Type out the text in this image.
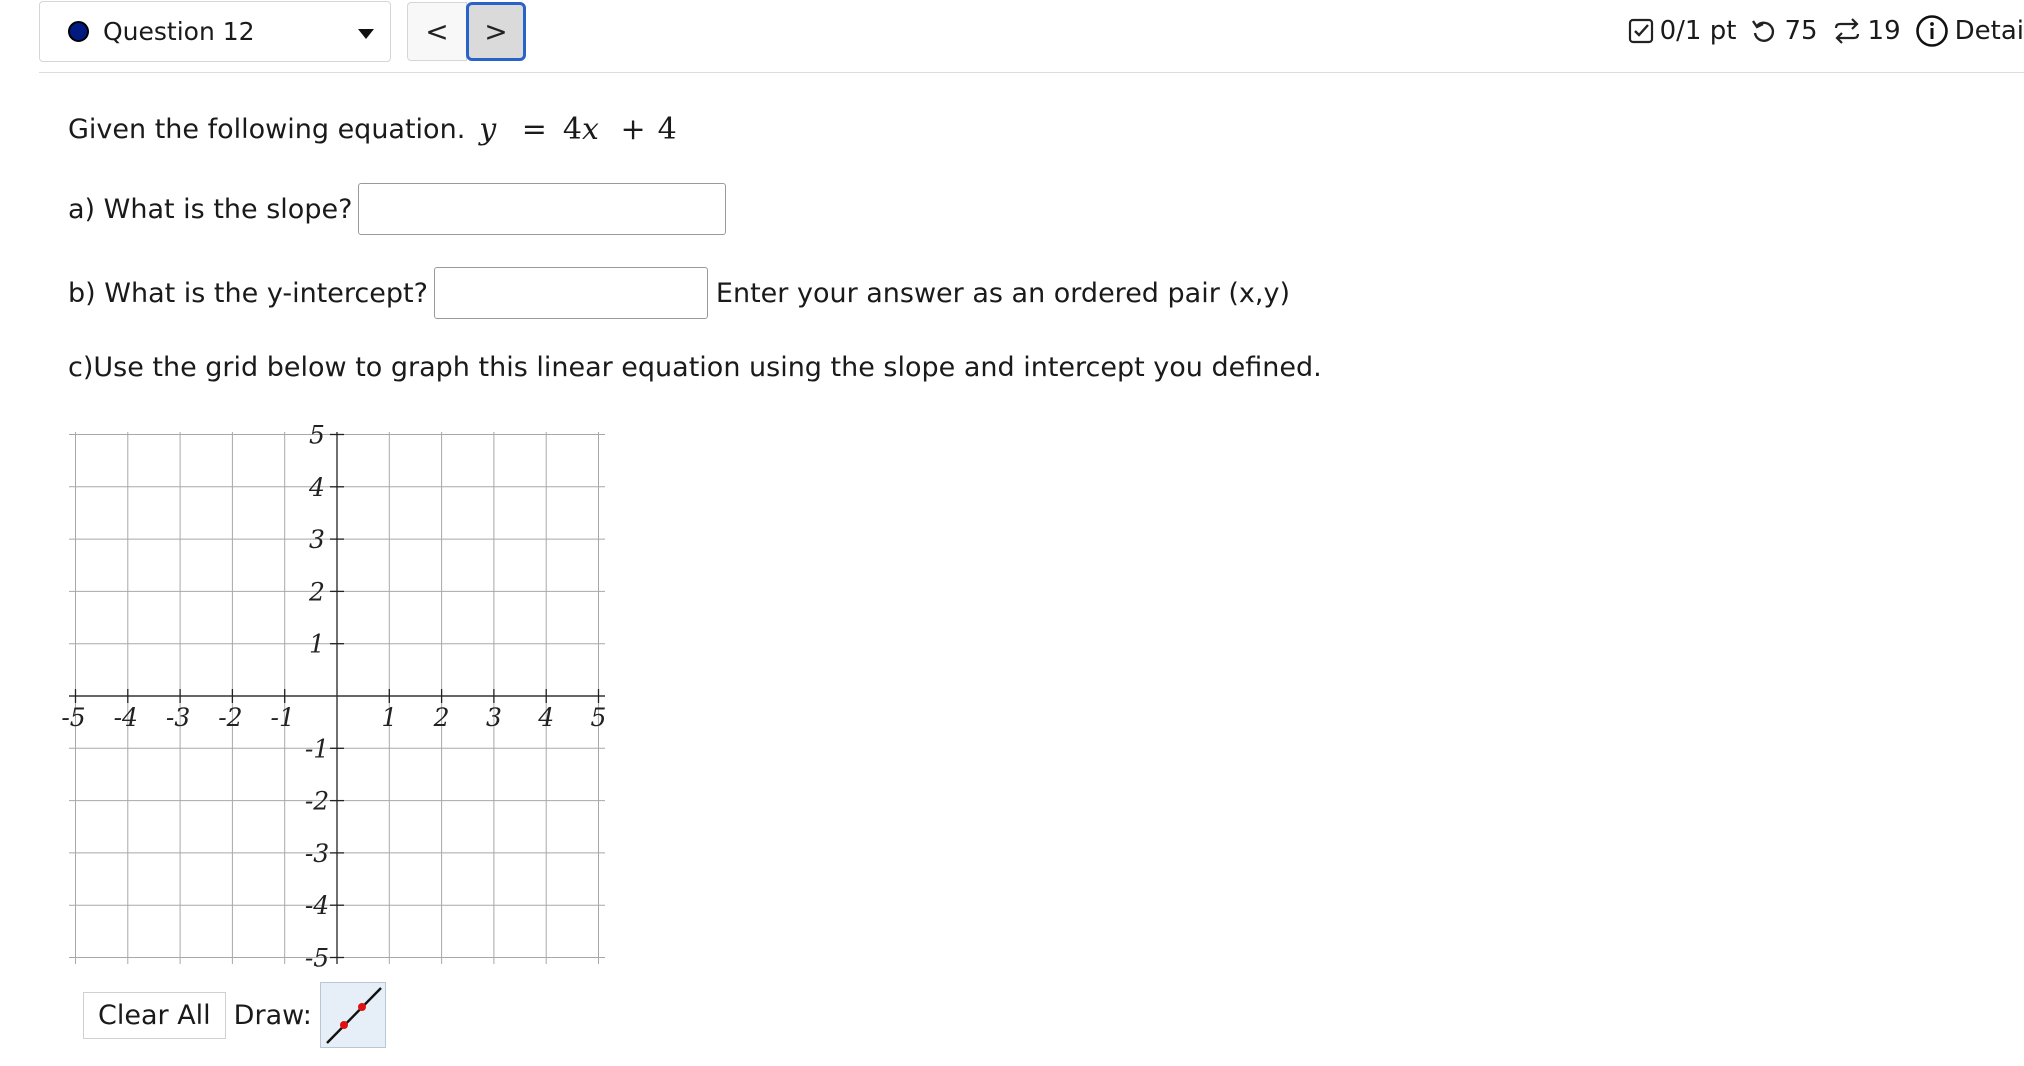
Question 12	<	>	0/1 pt 75 19 Detai
Given the following equation. y = 4x + 4
a) What is the slope?
b) What is the y-intercept?	Enter your answer as an ordered pair (x,y)
c)Use the grid below to graph this linear equation using the slope and intercept you defined.
-5 -4 -3 -2 -1	1 2 3 4 5
5
4
3
2
1
-1
-2
-3
-4
-5
Clear All Draw:
